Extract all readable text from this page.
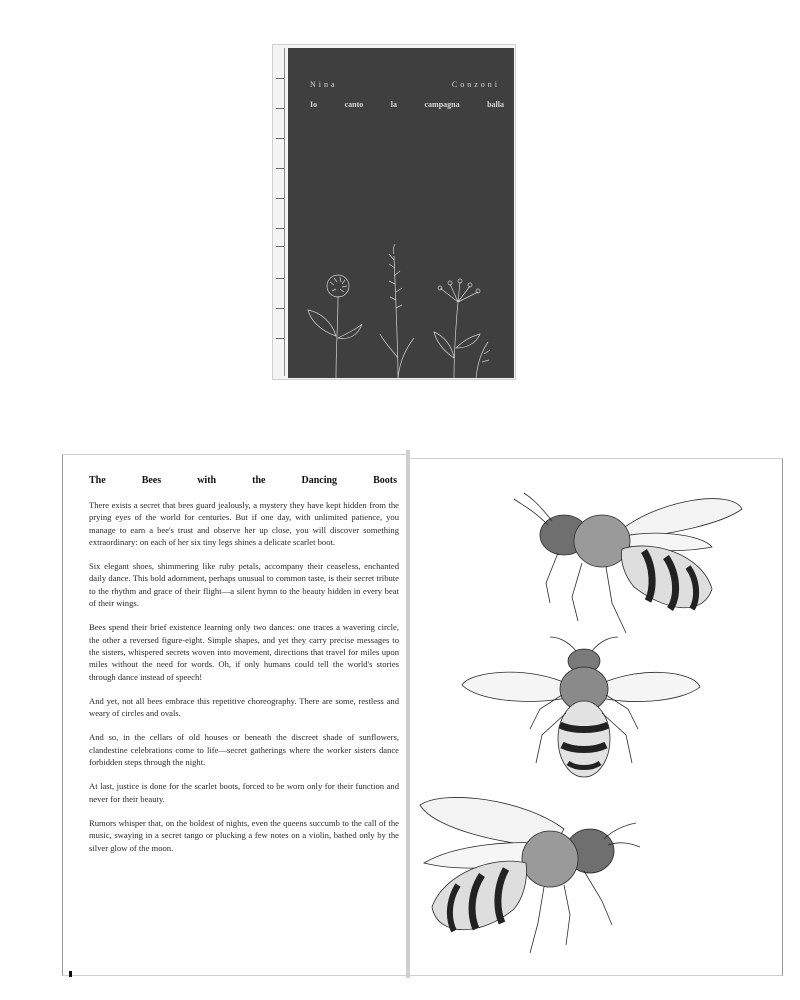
Nina	Conzoni
Io	canto	la	campagna	balla
The	Bees	with	the	Dancing	Boots

There exists a secret that bees guard jealously, a mystery they have kept hidden from the prying eyes of the world for centuries. But if one day, with unlimited patience, you manage to earn a bee's trust and observe her up close, you will discover something extraordinary: on each of her six tiny legs shines a delicate scarlet boot.

Six elegant shoes, shimmering like ruby petals, accompany their ceaseless, enchanted daily dance. This bold adornment, perhaps unusual to common taste, is their secret tribute to the rhythm and grace of their flight—a silent hymn to the beauty hidden in every beat of their wings.

Bees spend their brief existence learning only two dances: one traces a wavering circle, the other a reversed figure-eight. Simple shapes, and yet they carry precise messages to the sisters, whispered secrets woven into movement, directions that travel for miles upon miles without the need for words. Oh, if only humans could tell the world's stories through dance instead of speech!

And yet, not all bees embrace this repetitive choreography. There are some, restless and weary of circles and ovals.

And so, in the cellars of old houses or beneath the discreet shade of sunflowers, clandestine celebrations come to life—secret gatherings where the worker sisters dance forbidden steps through the night.

At last, justice is done for the scarlet boots, forced to be worn only for their function and never for their beauty.

Rumors whisper that, on the boldest of nights, even the queens succumb to the call of the music, swaying in a secret tango or plucking a few notes on a violin, bathed only by the silver glow of the moon.
